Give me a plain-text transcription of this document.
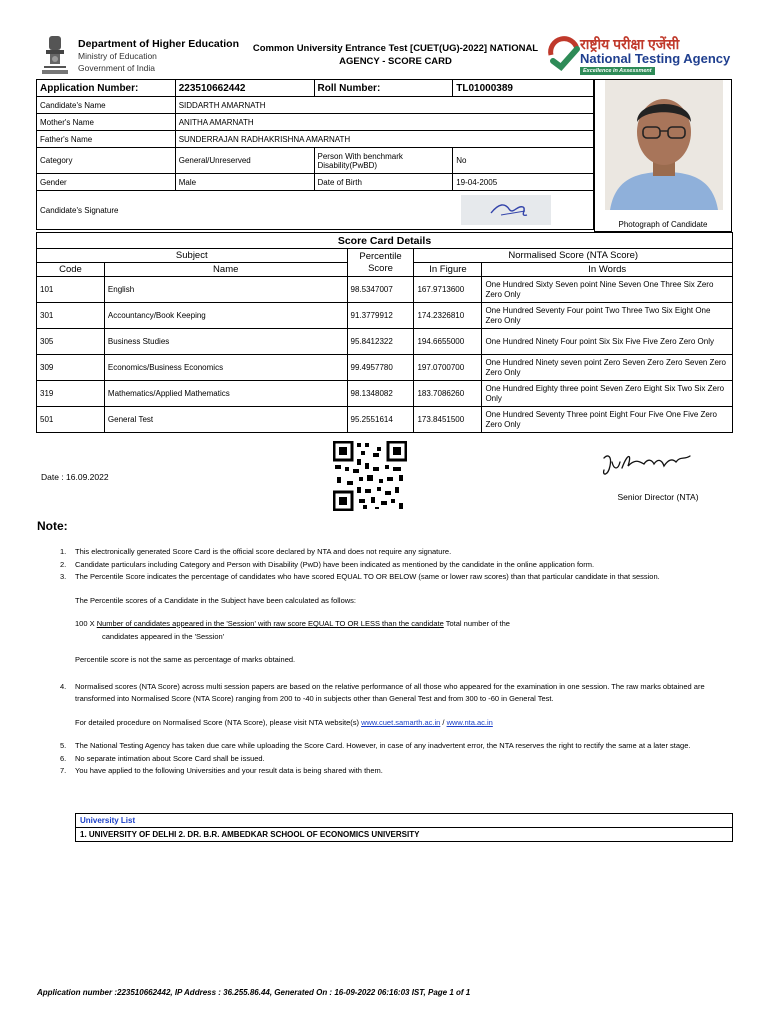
Department of Higher Education
Ministry of Education
Government of India
Common University Entrance Test [CUET(UG)-2022] NATIONAL
AGENCY - SCORE CARD
राष्ट्रीय परीक्षा एजेंसी
National Testing Agency
Excellence in Assessment
Application Number:	223510662442	Roll Number:	TL01000389
Candidate's Name	SIDDARTH AMARNATH		
Mother's Name	ANITHA AMARNATH		
Father's Name	SUNDERRAJAN RADHAKRISHNA AMARNATH		
Category	General/Unreserved	Person With benchmark Disability(PwBD)	No
Gender	Male	Date of Birth	19-04-2005
Candidate's Signature			
Photograph of Candidate
Score Card Details				
Subject		Percentile Score	Normalised Score (NTA Score)	
Code	Name		In Figure	In Words
101	English	98.5347007	167.9713600	One Hundred Sixty Seven point Nine Seven One Three Six Zero Zero Only
301	Accountancy/Book Keeping	91.3779912	174.2326810	One Hundred Seventy Four point Two Three Two Six Eight One Zero Only
305	Business Studies	95.8412322	194.6655000	One Hundred Ninety Four point Six Six Five Five Zero Zero Only
309	Economics/Business Economics	99.4957780	197.0700700	One Hundred Ninety seven point Zero Seven Zero Zero Seven Zero Zero Only
319	Mathematics/Applied Mathematics	98.1348082	183.7086260	One Hundred Eighty three point Seven Zero Eight Six Two Six Zero Only
501	General Test	95.2551614	173.8451500	One Hundred Seventy Three point Eight Four Five One Five Zero Zero Only
Date : 16.09.2022
Senior Director (NTA)
Note:
1. This electronically generated Score Card is the official score declared by NTA and does not require any signature.
2. Candidate particulars including Category and Person with Disability (PwD) have been indicated as mentioned by the candidate in the online application form.
3. The Percentile Score indicates the percentage of candidates who have scored EQUAL TO OR BELOW (same or lower raw scores) than that particular candidate in that session.
The Percentile scores of a Candidate in the Subject have been calculated as follows:
100 X Number of candidates appeared in the 'Session' with raw score EQUAL TO OR LESS than the candidate Total number of the
candidates appeared in the 'Session'
Percentile score is not the same as percentage of marks obtained.
4. Normalised scores (NTA Score) across multi session papers are based on the relative performance of all those who appeared for the examination in one session. The raw marks obtained are transformed into Normalised Score (NTA Score) ranging from 200 to -40 in subjects other than General Test and from 300 to -60 in General Test.
For detailed procedure on Normalised Score (NTA Score), please visit NTA website(s) www.cuet.samarth.ac.in / www.nta.ac.in
5. The National Testing Agency has taken due care while uploading the Score Card. However, in case of any inadvertent error, the NTA reserves the right to rectify the same at a later stage.
6. No separate intimation about Score Card shall be issued.
7. You have applied to the following Universities and your result data is being shared with them.
University List
1. UNIVERSITY OF DELHI 2. DR. B.R. AMBEDKAR SCHOOL OF ECONOMICS UNIVERSITY
Application number :223510662442, IP Address : 36.255.86.44, Generated On : 16-09-2022 06:16:03 IST, Page 1 of 1
